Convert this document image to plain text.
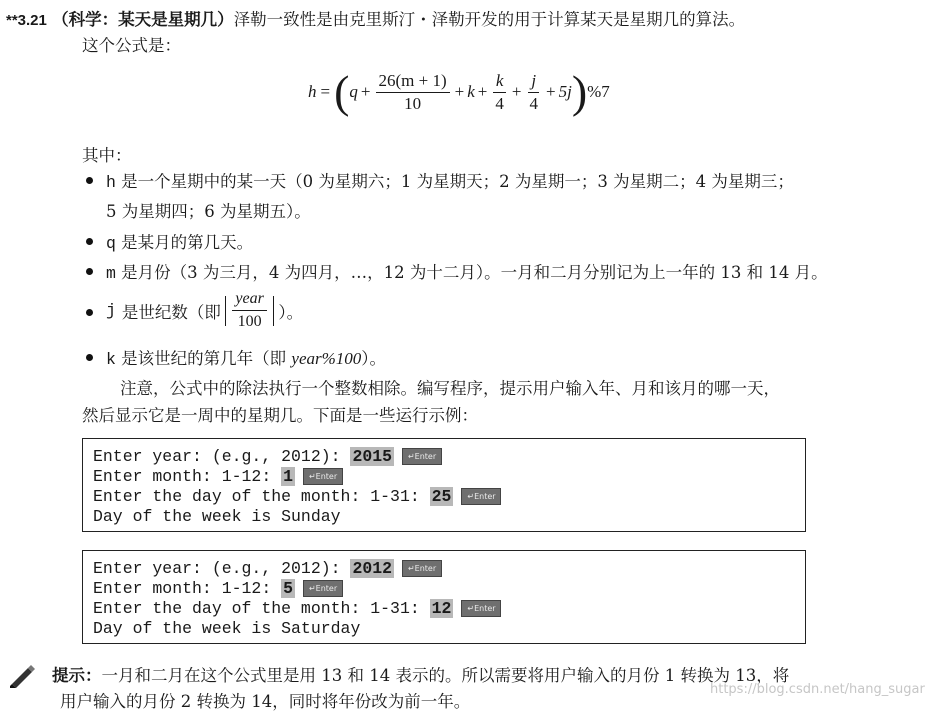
**3.21 （科学：某天是星期几）泽勒一致性是由克里斯汀・泽勒开发的用于计算某天是星期几的算法。
这个公式是：
h = ( $q + \frac{26(m + 1)}{10} + k + \frac{k}{4} + \frac{j}{4} + 5j$ ) %7
其中：
h 是一个星期中的某一天（0 为星期六；1 为星期天；2 为星期一；3 为星期二；4 为星期三；
5 为星期四；6 为星期五）。
q 是某月的第几天。
m 是月份（3 为三月，4 为四月，…，12 为十二月）。一月和二月分别记为上一年的 13 和 14 月。
j 是世纪数（即 $\frac{\text{year}}{100}$ ）。
k 是该世纪的第几年（即 year%100）。
注意，公式中的除法执行一个整数相除。编写程序，提示用户输入年、月和该月的哪一天，
然后显示它是一周中的星期几。下面是一些运行示例：
Enter year: (e.g., 2012): 2015 ↵Enter
Enter month: 1-12: 1 ↵Enter
Enter the day of the month: 1-31: 25 ↵Enter
Day of the week is Sunday
Enter year: (e.g., 2012): 2012 ↵Enter
Enter month: 1-12: 5 ↵Enter
Enter the day of the month: 1-31: 12 ↵Enter
Day of the week is Saturday
提示：一月和二月在这个公式里是用 13 和 14 表示的。所以需要将用户输入的月份 1 转换为 13，将
用户输入的月份 2 转换为 14，同时将年份改为前一年。
https://blog.csdn.net/hang_sugar
